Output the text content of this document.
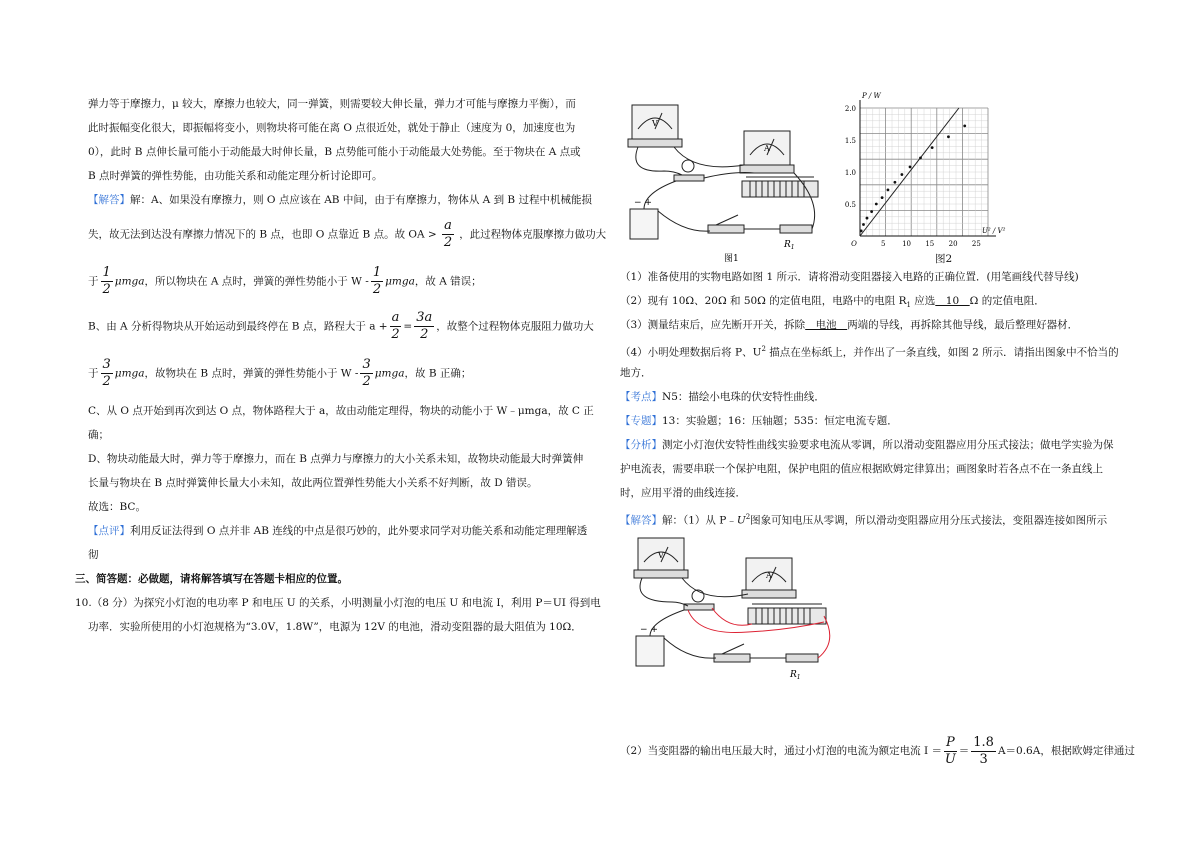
弹力等于摩擦力，μ 较大，摩擦力也较大，同一弹簧，则需要较大伸长量，弹力才可能与摩擦力平衡），而
此时振幅变化很大，即振幅将变小，则物块将可能在离 O 点很近处，就处于静止（速度为 0，加速度也为
0），此时 B 点伸长量可能小于动能最大时伸长量，B 点势能可能小于动能最大处势能。至于物块在 A 点或
B 点时弹簧的弹性势能，由功能关系和动能定理分析讨论即可。
【解答】解：A、如果没有摩擦力，则 O 点应该在 AB 中间，由于有摩擦力，物体从 A 到 B 过程中机械能损
失，故无法到达没有摩擦力情况下的 B 点，也即 O 点靠近 B 点。故 OA > $\frac{a}{2}$ ，此过程物体克服摩擦力做功大
于 $\frac{1}{2}$ μmga，所以物块在 A 点时，弹簧的弹性势能小于 W - $\frac{1}{2}$ μmga，故 A 错误；
B、由 A 分析得物块从开始运动到最终停在 B 点，路程大于 $a + \frac{a}{2} = \frac{3a}{2}$ ，故整个过程物体克服阻力做功大
于 $\frac{3}{2}$ μmga，故物块在 B 点时，弹簧的弹性势能小于 W - $\frac{3}{2}$ μmga，故 B 正确；
C、从 O 点开始到再次到达 O 点，物体路程大于 a，故由动能定理得，物块的动能小于 W﹣μmga，故 C 正
确；
D、物块动能最大时，弹力等于摩擦力，而在 B 点弹力与摩擦力的大小关系未知，故物块动能最大时弹簧伸
长量与物块在 B 点时弹簧伸长量大小未知，故此两位置弹性势能大小关系不好判断，故 D 错误。
故选：BC。
【点评】利用反证法得到 O 点并非 AB 连线的中点是很巧妙的，此外要求同学对功能关系和动能定理理解透
彻
三、简答题：必做题，请将解答填写在答题卡相应的位置。
10.（8 分）为探究小灯泡的电功率 P 和电压 U 的关系，小明测量小灯泡的电压 U 和电流 I，利用 P＝UI 得到电
功率．实验所使用的小灯泡规格为“3.0V，1.8W”，电源为 12V 的电池，滑动变阻器的最大阻值为 10Ω．
V
A
− +
$R_1$
图1
0.5
1.0
1.5
2.0
O	5 10 15 20 25
P / W
U² / V²
图2
（1）准备使用的实物电路如图 1 所示．请将滑动变阻器接入电路的正确位置．(用笔画线代替导线)
（2）现有 10Ω、20Ω 和 50Ω 的定值电阻，电路中的电阻 $R_1$ 应选　10　Ω 的定值电阻．
（3）测量结束后，应先断开开关，拆除　电池　两端的导线，再拆除其他导线，最后整理好器材．
（4）小明处理数据后将 P、$U^2$ 描点在坐标纸上，并作出了一条直线，如图 2 所示．请指出图象中不恰当的
地方．
【考点】N5：描绘小电珠的伏安特性曲线．
【专题】13：实验题；16：压轴题；535：恒定电流专题．
【分析】测定小灯泡伏安特性曲线实验要求电流从零调，所以滑动变阻器应用分压式接法；做电学实验为保
护电流表，需要串联一个保护电阻，保护电阻的值应根据欧姆定律算出；画图象时若各点不在一条直线上
时，应用平滑的曲线连接．
【解答】解：（1）从 $P﹣U^2$图象可知电压从零调，所以滑动变阻器应用分压式接法，变阻器连接如图所示
V
A
− +
$R_1$
（2）当变阻器的输出电压最大时，通过小灯泡的电流为额定电流 $I = \frac{P}{U} = \frac{1.8}{3} A=0.6A$，根据欧姆定律通过
